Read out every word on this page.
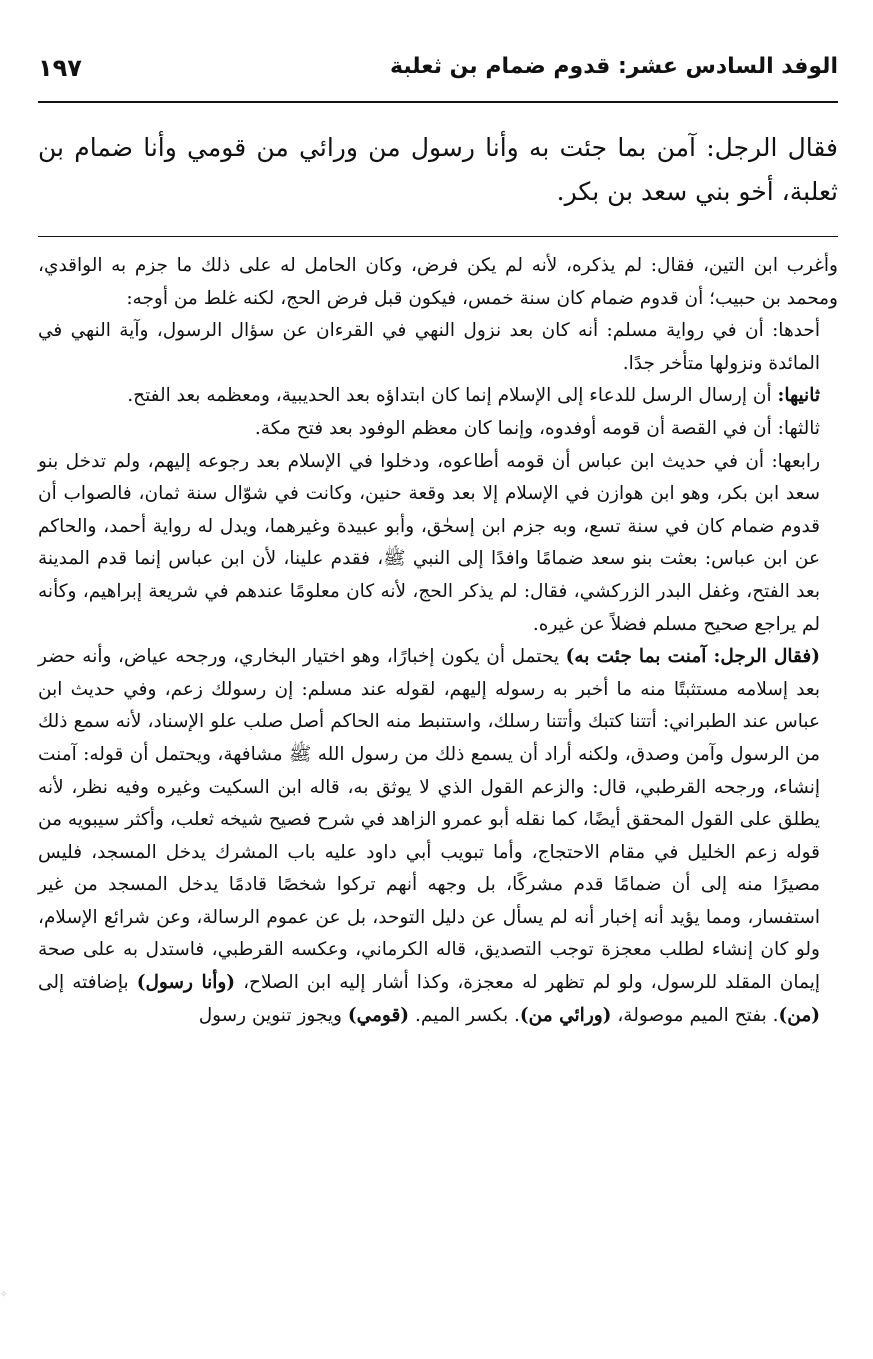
الوفد السادس عشر: قدوم ضمام بن ثعلبة
١٩٧
فقال الرجل: آمن بما جئت به وأنا رسول من ورائي من قومي وأنا ضمام بن ثعلبة، أخو بني سعد بن بكر.

وأغرب ابن التين، فقال: لم يذكره، لأنه لم يكن فرض، وكان الحامل له على ذلك ما جزم به الواقدي، ومحمد بن حبيب؛ أن قدوم ضمام كان سنة خمس، فيكون قبل فرض الحج، لكنه غلط من أوجه:

أحدها: أن في رواية مسلم: أنه كان بعد نزول النهي في القرءان عن سؤال الرسول، وآية النهي في المائدة ونزولها متأخر جدًا.

ثانيها: أن إرسال الرسل للدعاء إلى الإسلام إنما كان ابتداؤه بعد الحديبية، ومعظمه بعد الفتح.

ثالثها: أن في القصة أن قومه أوفدوه، وإنما كان معظم الوفود بعد فتح مكة.

رابعها: أن في حديث ابن عباس أن قومه أطاعوه، ودخلوا في الإسلام بعد رجوعه إليهم، ولم تدخل بنو سعد ابن بكر، وهو ابن هوازن في الإسلام إلا بعد وقعة حنين، وكانت في شوّال سنة ثمان، فالصواب أن قدوم ضمام كان في سنة تسع، وبه جزم ابن إسحٰق، وأبو عبيدة وغيرهما، ويدل له رواية أحمد، والحاكم عن ابن عباس: بعثت بنو سعد ضمامًا وافدًا إلى النبي ﷺ، فقدم علينا، لأن ابن عباس إنما قدم المدينة بعد الفتح، وغفل البدر الزركشي، فقال: لم يذكر الحج، لأنه كان معلومًا عندهم في شريعة إبراهيم، وكأنه لم يراجع صحيح مسلم فضلاً عن غيره.

(فقال الرجل: آمنت بما جئت به) يحتمل أن يكون إخبارًا، وهو اختيار البخاري، ورجحه عياض، وأنه حضر بعد إسلامه مستثبتًا منه ما أخبر به رسوله إليهم، لقوله عند مسلم: إن رسولك زعم، وفي حديث ابن عباس عند الطبراني: أتتنا كتبك وأتتنا رسلك، واستنبط منه الحاكم أصل صلب علو الإسناد، لأنه سمع ذلك من الرسول وآمن وصدق، ولكنه أراد أن يسمع ذلك من رسول الله ﷺ مشافهة، ويحتمل أن قوله: آمنت إنشاء، ورجحه القرطبي، قال: والزعم القول الذي لا يوثق به، قاله ابن السكيت وغيره وفيه نظر، لأنه يطلق على القول المحقق أيضًا، كما نقله أبو عمرو الزاهد في شرح فصيح شيخه ثعلب، وأكثر سيبويه من قوله زعم الخليل في مقام الاحتجاج، وأما تبويب أبي داود عليه باب المشرك يدخل المسجد، فليس مصيرًا منه إلى أن ضمامًا قدم مشركًا، بل وجهه أنهم تركوا شخصًا قادمًا يدخل المسجد من غير استفسار، ومما يؤيد أنه إخبار أنه لم يسأل عن دليل التوحد، بل عن عموم الرسالة، وعن شرائع الإسلام، ولو كان إنشاء لطلب معجزة توجب التصديق، قاله الكرماني، وعكسه القرطبي، فاستدل به على صحة إيمان المقلد للرسول، ولو لم تظهر له معجزة، وكذا أشار إليه ابن الصلاح، (وأنا رسول) بإضافته إلى (من). بفتح الميم موصولة، (ورائي من). بكسر الميم. (قومي) ويجوز تنوين رسول

✧
